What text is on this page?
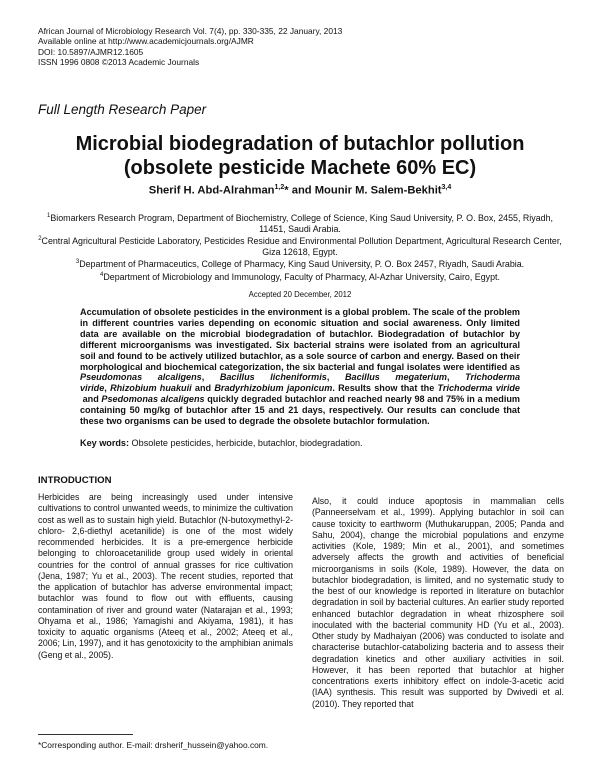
African Journal of Microbiology Research Vol. 7(4), pp. 330-335, 22 January, 2013
Available online at http://www.academicjournals.org/AJMR
DOI: 10.5897/AJMR12.1605
ISSN 1996 0808 ©2013 Academic Journals
Full Length Research Paper
Microbial biodegradation of butachlor pollution
(obsolete pesticide Machete 60% EC)
Sherif H. Abd-Alrahman$^{1,2}$* and Mounir M. Salem-Bekhit$^{3,4}$
$^1$Biomarkers Research Program, Department of Biochemistry, College of Science, King Saud University, P. O. Box, 2455, Riyadh, 11451, Saudi Arabia.
$^2$Central Agricultural Pesticide Laboratory, Pesticides Residue and Environmental Pollution Department, Agricultural Research Center, Giza 12618, Egypt.
$^3$Department of Pharmaceutics, College of Pharmacy, King Saud University, P. O. Box 2457, Riyadh, Saudi Arabia.
$^4$Department of Microbiology and Immunology, Faculty of Pharmacy, Al-Azhar University, Cairo, Egypt.
Accepted 20 December, 2012
Accumulation of obsolete pesticides in the environment is a global problem. The scale of the problem in different countries varies depending on economic situation and social awareness. Only limited data are available on the microbial biodegradation of butachlor. Biodegradation of butachlor by different microorganisms was investigated. Six bacterial strains were isolated from an agricultural soil and found to be actively utilized butachlor, as a sole source of carbon and energy. Based on their morphological and biochemical categorization, the six bacterial and fungal isolates were identified as Pseudomonas alcaligens, Bacillus licheniformis, Bacillus megaterium, Trichoderma viride, Rhizobium huakuii and Bradyrhizobium japonicum. Results show that the Trichoderma viride and Psedomonas alcaligens quickly degraded butachlor and reached nearly 98 and 75% in a medium containing 50 mg/kg of butachlor after 15 and 21 days, respectively. Our results can conclude that these two organisms can be used to degrade the obsolete butachlor formulation.
Key words: Obsolete pesticides, herbicide, butachlor, biodegradation.
INTRODUCTION
Herbicides are being increasingly used under intensive cultivations to control unwanted weeds, to minimize the cultivation cost as well as to sustain high yield. Butachlor (N-butoxymethyl-2-chloro- 2,6-diethyl acetanilide) is one of the most widely recommended herbicides. It is a pre-emergence herbicide belonging to chloroacetanilide group used widely in oriental countries for the control of annual grasses for rice cultivation (Jena, 1987; Yu et al., 2003). The recent studies, reported that the application of butachlor has adverse environmental impact; butachlor was found to flow out with effluents, causing contamination of river and ground water (Natarajan et al., 1993; Ohyama et al., 1986; Yamagishi and Akiyama, 1981), it has toxicity to aquatic organisms (Ateeq et al., 2002; Ateeq et al., 2006; Lin, 1997), and it has genotoxicity to the amphibian animals (Geng et al., 2005).
Also, it could induce apoptosis in mammalian cells (Panneerselvam et al., 1999). Applying butachlor in soil can cause toxicity to earthworm (Muthukaruppan, 2005; Panda and Sahu, 2004), change the microbial populations and enzyme activities (Kole, 1989; Min et al., 2001), and sometimes adversely affects the growth and activities of beneficial microorganisms in soils (Kole, 1989). However, the data on butachlor biodegradation, is limited, and no systematic study to the best of our knowledge is reported in literature on butachlor degradation in soil by bacterial cultures. An earlier study reported enhanced butachlor degradation in wheat rhizosphere soil inoculated with the bacterial community HD (Yu et al., 2003). Other study by Madhaiyan (2006) was conducted to isolate and characterise butachlor-catabolizing bacteria and to assess their degradation kinetics and other auxiliary activities in soil. However, it has been reported that butachlor at higher concentrations exerts inhibitory effect on indole-3-acetic acid (IAA) synthesis. This result was supported by Dwivedi et al. (2010). They reported that
*Corresponding author. E-mail: drsherif_hussein@yahoo.com.
